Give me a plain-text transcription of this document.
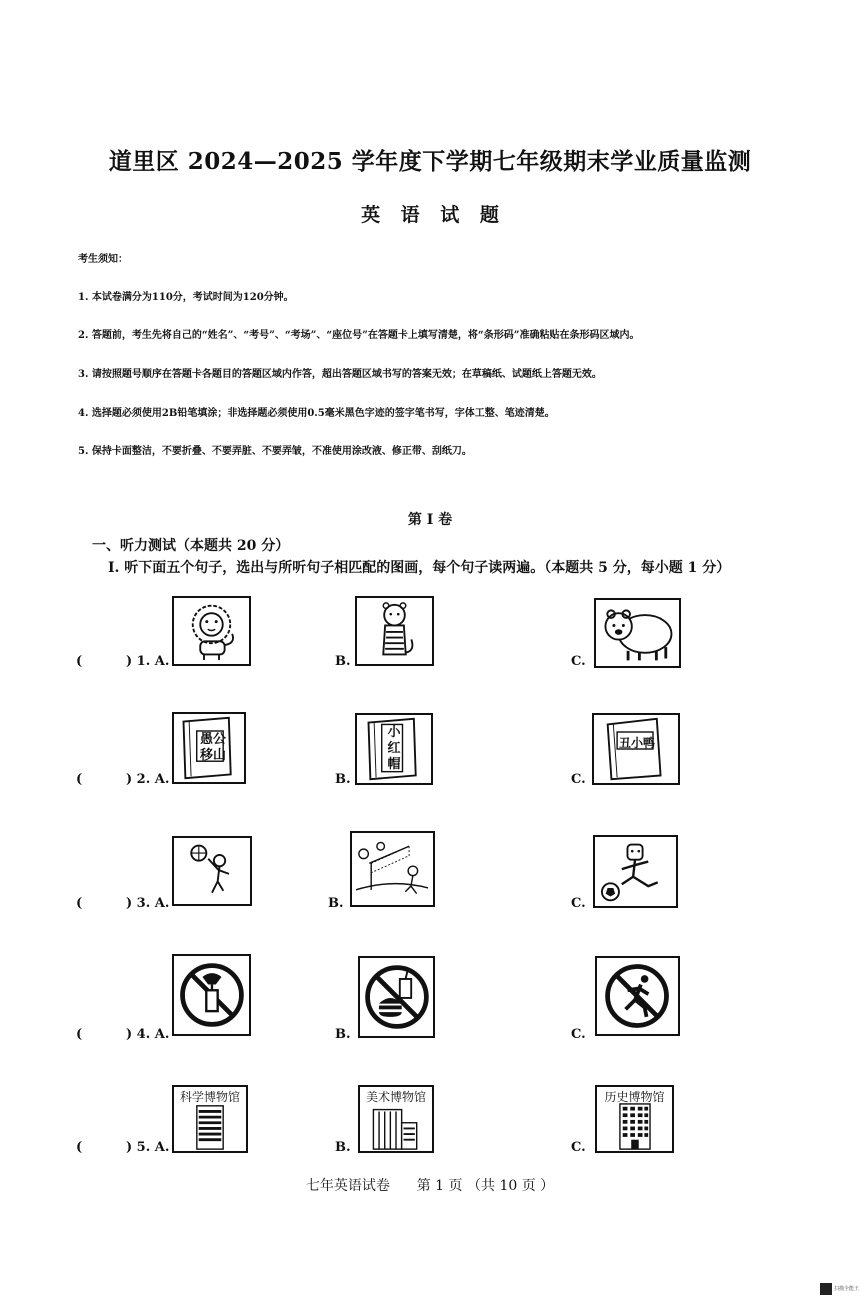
道里区 2024—2025 学年度下学期七年级期末学业质量监测
英 语 试 题
考生须知：
1. 本试卷满分为110分，考试时间为120分钟。
2. 答题前，考生先将自己的“姓名”、“考号”、“考场”、“座位号”在答题卡上填写清楚，将“条形码”准确粘贴在条形码区域内。
3. 请按照题号顺序在答题卡各题目的答题区域内作答，超出答题区域书写的答案无效；在草稿纸、试题纸上答题无效。
4. 选择题必须使用2B铅笔填涂；非选择题必须使用0.5毫米黑色字迹的签字笔书写，字体工整、笔迹清楚。
5. 保持卡面整洁，不要折叠、不要弄脏、不要弄皱，不准使用涂改液、修正带、刮纸刀。
第 I 卷
一、听力测试（本题共 20 分）
I. 听下面五个句子，选出与所听句子相匹配的图画，每个句子读两遍。（本题共 5 分，每小题 1 分）
(	) 1. A.	B.	C.
(	) 2. A.	B.	C.
愚公
移山
小
红
帽
丑小鸭
(	) 3. A.	B.	C.
(	) 4. A.	B.	C.
(	) 5. A.	B.	C.
科学博物馆	美术博物馆	历史博物馆
七年英语试卷 第 1 页 （共 10 页 ）
扫描全能王
